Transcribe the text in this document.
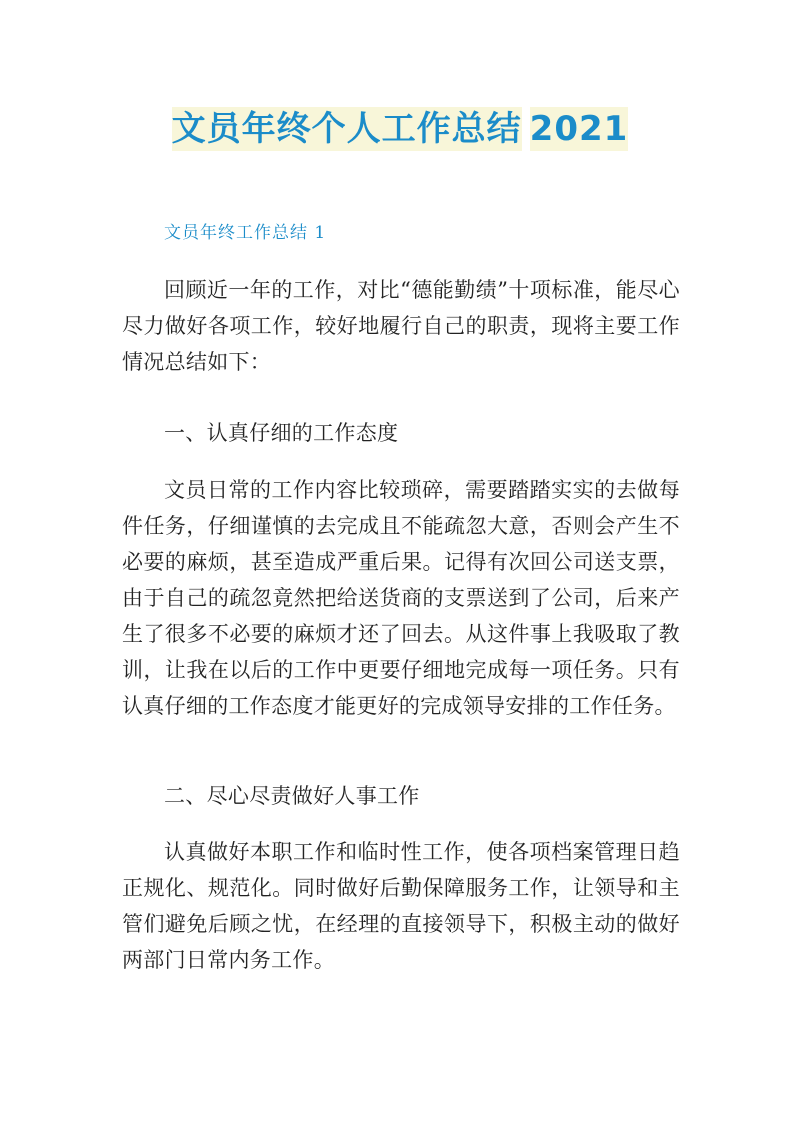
文员年终个人工作总结 2021
文员年终工作总结 1

回顾近一年的工作，对比“德能勤绩”十项标准，能尽心尽力做好各项工作，较好地履行自己的职责，现将主要工作情况总结如下：

一、认真仔细的工作态度

文员日常的工作内容比较琐碎，需要踏踏实实的去做每件任务，仔细谨慎的去完成且不能疏忽大意，否则会产生不必要的麻烦，甚至造成严重后果。记得有次回公司送支票，由于自己的疏忽竟然把给送货商的支票送到了公司，后来产生了很多不必要的麻烦才还了回去。从这件事上我吸取了教训，让我在以后的工作中更要仔细地完成每一项任务。只有认真仔细的工作态度才能更好的完成领导安排的工作任务。

二、尽心尽责做好人事工作

认真做好本职工作和临时性工作，使各项档案管理日趋正规化、规范化。同时做好后勤保障服务工作，让领导和主管们避免后顾之忧，在经理的直接领导下，积极主动的做好两部门日常内务工作。
